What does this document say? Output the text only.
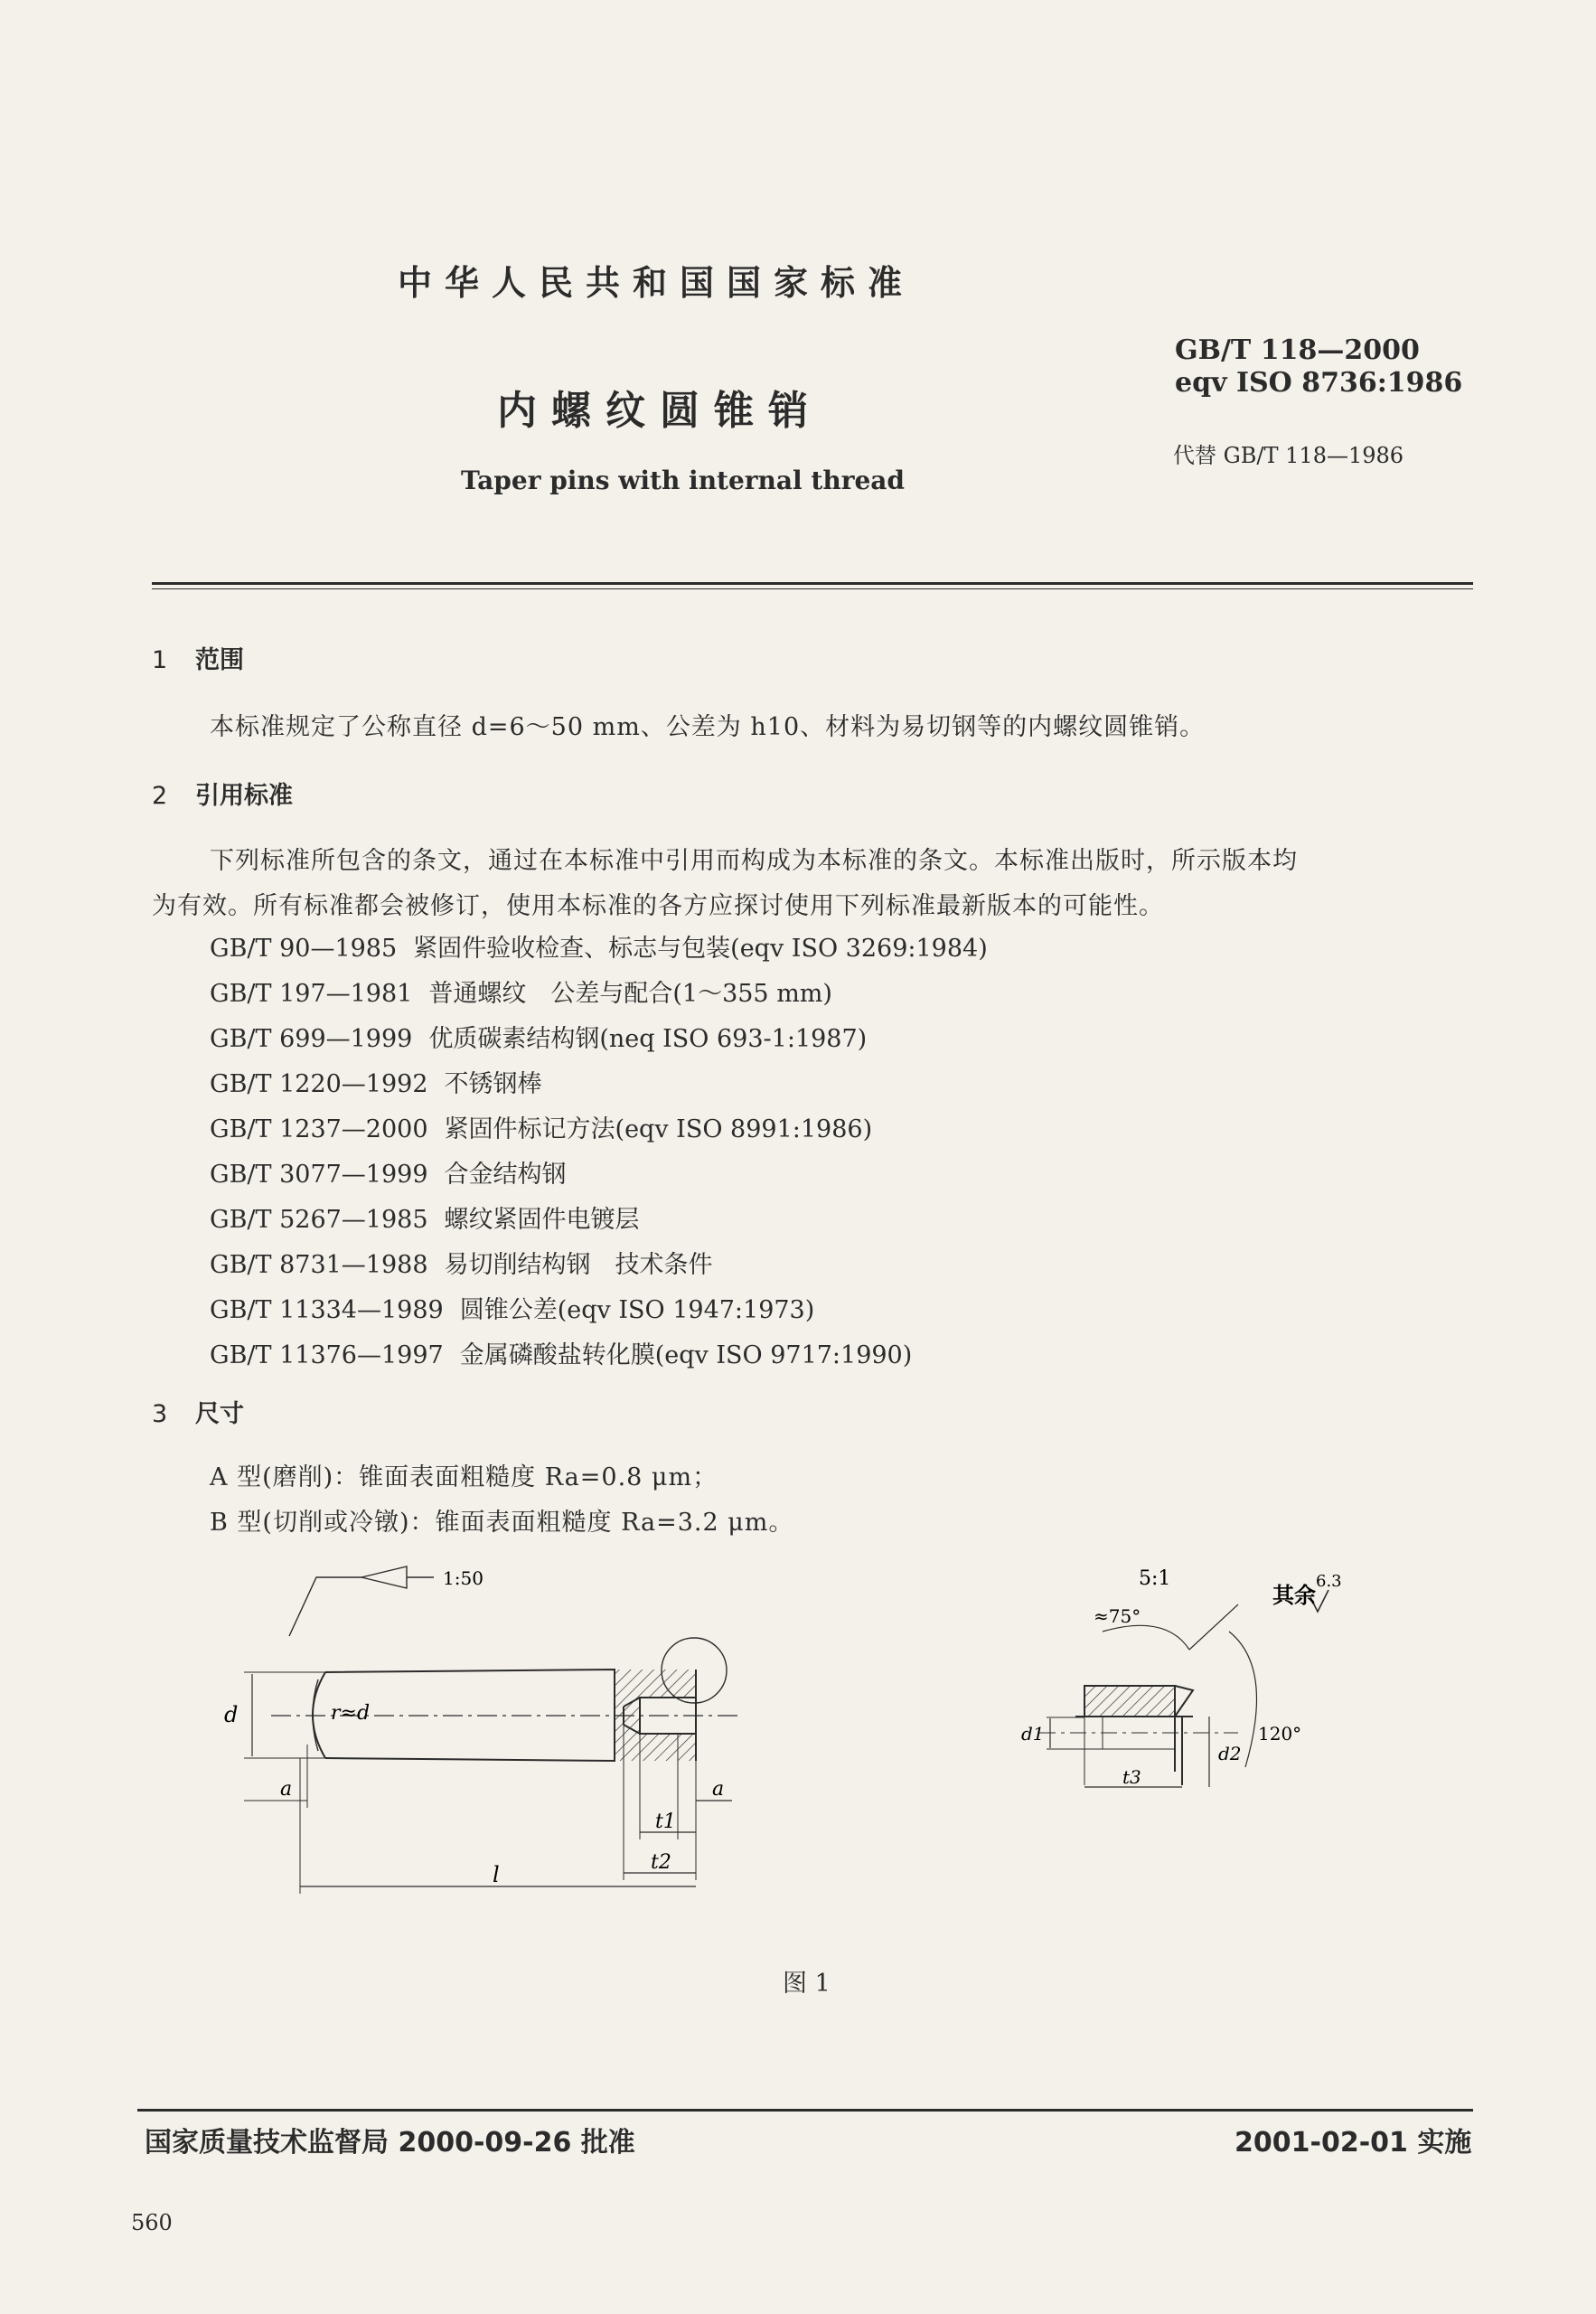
中华人民共和国国家标准
内螺纹圆锥销
Taper pins with internal thread
GB/T 118—2000
eqv ISO 8736:1986
代替 GB/T 118—1986
1 范围
本标准规定了公称直径 d=6～50 mm、公差为 h10、材料为易切钢等的内螺纹圆锥销。
2 引用标准
下列标准所包含的条文，通过在本标准中引用而构成为本标准的条文。本标准出版时，所示版本均
为有效。所有标准都会被修订，使用本标准的各方应探讨使用下列标准最新版本的可能性。
GB/T 90—1985 紧固件验收检查、标志与包装(eqv ISO 3269:1984)
GB/T 197—1981 普通螺纹　公差与配合(1～355 mm)
GB/T 699—1999 优质碳素结构钢(neq ISO 693-1:1987)
GB/T 1220—1992 不锈钢棒
GB/T 1237—2000 紧固件标记方法(eqv ISO 8991:1986)
GB/T 3077—1999 合金结构钢
GB/T 5267—1985 螺纹紧固件电镀层
GB/T 8731—1988 易切削结构钢　技术条件
GB/T 11334—1989 圆锥公差(eqv ISO 1947:1973)
GB/T 11376—1997 金属磷酸盐转化膜(eqv ISO 9717:1990)
3 尺寸
A 型(磨削)：锥面表面粗糙度 Ra=0.8 μm；
B 型(切削或冷镦)：锥面表面粗糙度 Ra=3.2 μm。
1:50
d	r≈d
a	a
t1
t2
l
5:1
其余
6.3
≈75°
120°
d1
d2
t3
图 1
国家质量技术监督局 2000-09-26 批准	2001-02-01 实施
560
